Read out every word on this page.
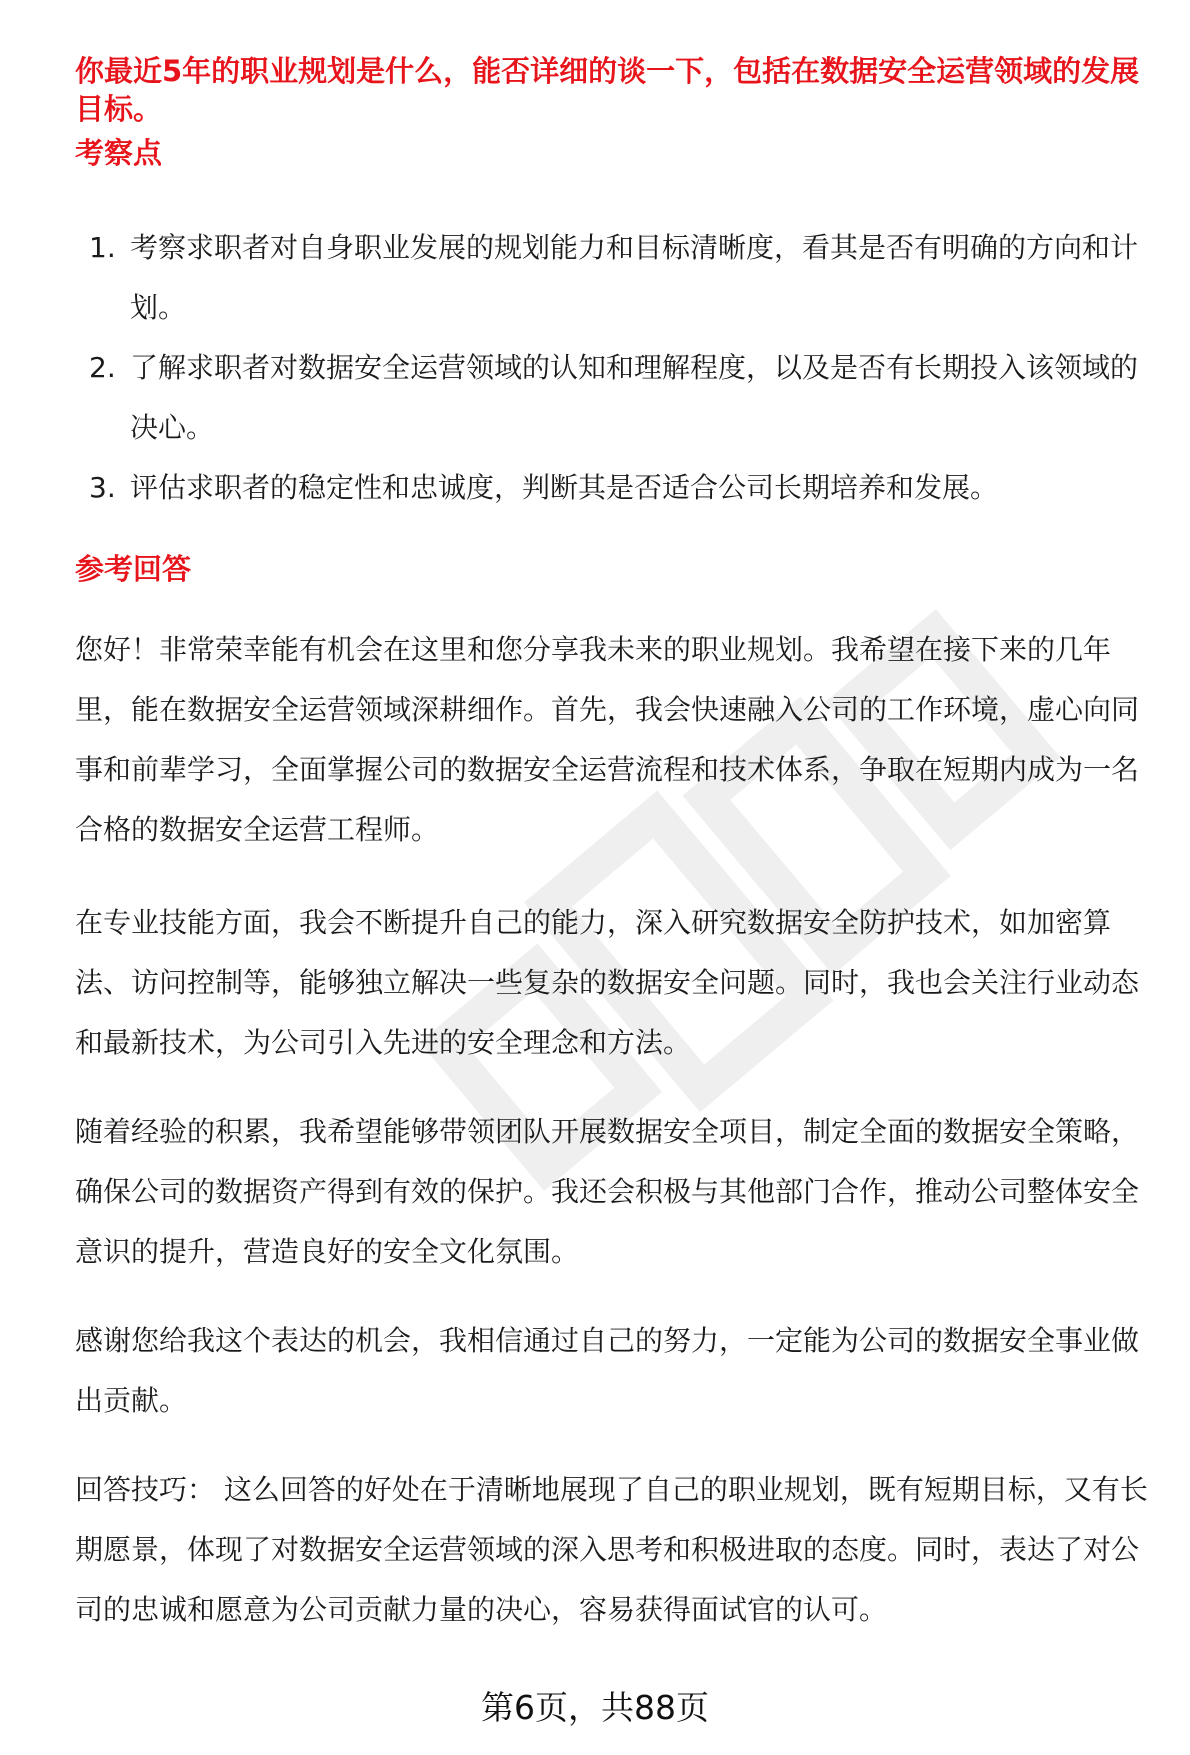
你最近5年的职业规划是什么，能否详细的谈一下，包括在数据安全运营领域的发展目标。

考察点
1. 考察求职者对自身职业发展的规划能力和目标清晰度，看其是否有明确的方向和计划。
2. 了解求职者对数据安全运营领域的认知和理解程度，以及是否有长期投入该领域的决心。
3. 评估求职者的稳定性和忠诚度，判断其是否适合公司长期培养和发展。
参考回答

您好！非常荣幸能有机会在这里和您分享我未来的职业规划。我希望在接下来的几年里，能在数据安全运营领域深耕细作。首先，我会快速融入公司的工作环境，虚心向同事和前辈学习，全面掌握公司的数据安全运营流程和技术体系，争取在短期内成为一名合格的数据安全运营工程师。

在专业技能方面，我会不断提升自己的能力，深入研究数据安全防护技术，如加密算法、访问控制等，能够独立解决一些复杂的数据安全问题。同时，我也会关注行业动态和最新技术，为公司引入先进的安全理念和方法。

随着经验的积累，我希望能够带领团队开展数据安全项目，制定全面的数据安全策略，确保公司的数据资产得到有效的保护。我还会积极与其他部门合作，推动公司整体安全意识的提升，营造良好的安全文化氛围。

感谢您给我这个表达的机会，我相信通过自己的努力，一定能为公司的数据安全事业做出贡献。

回答技巧： 这么回答的好处在于清晰地展现了自己的职业规划，既有短期目标，又有长期愿景，体现了对数据安全运营领域的深入思考和积极进取的态度。同时，表达了对公司的忠诚和愿意为公司贡献力量的决心，容易获得面试官的认可。

第6页，共88页
